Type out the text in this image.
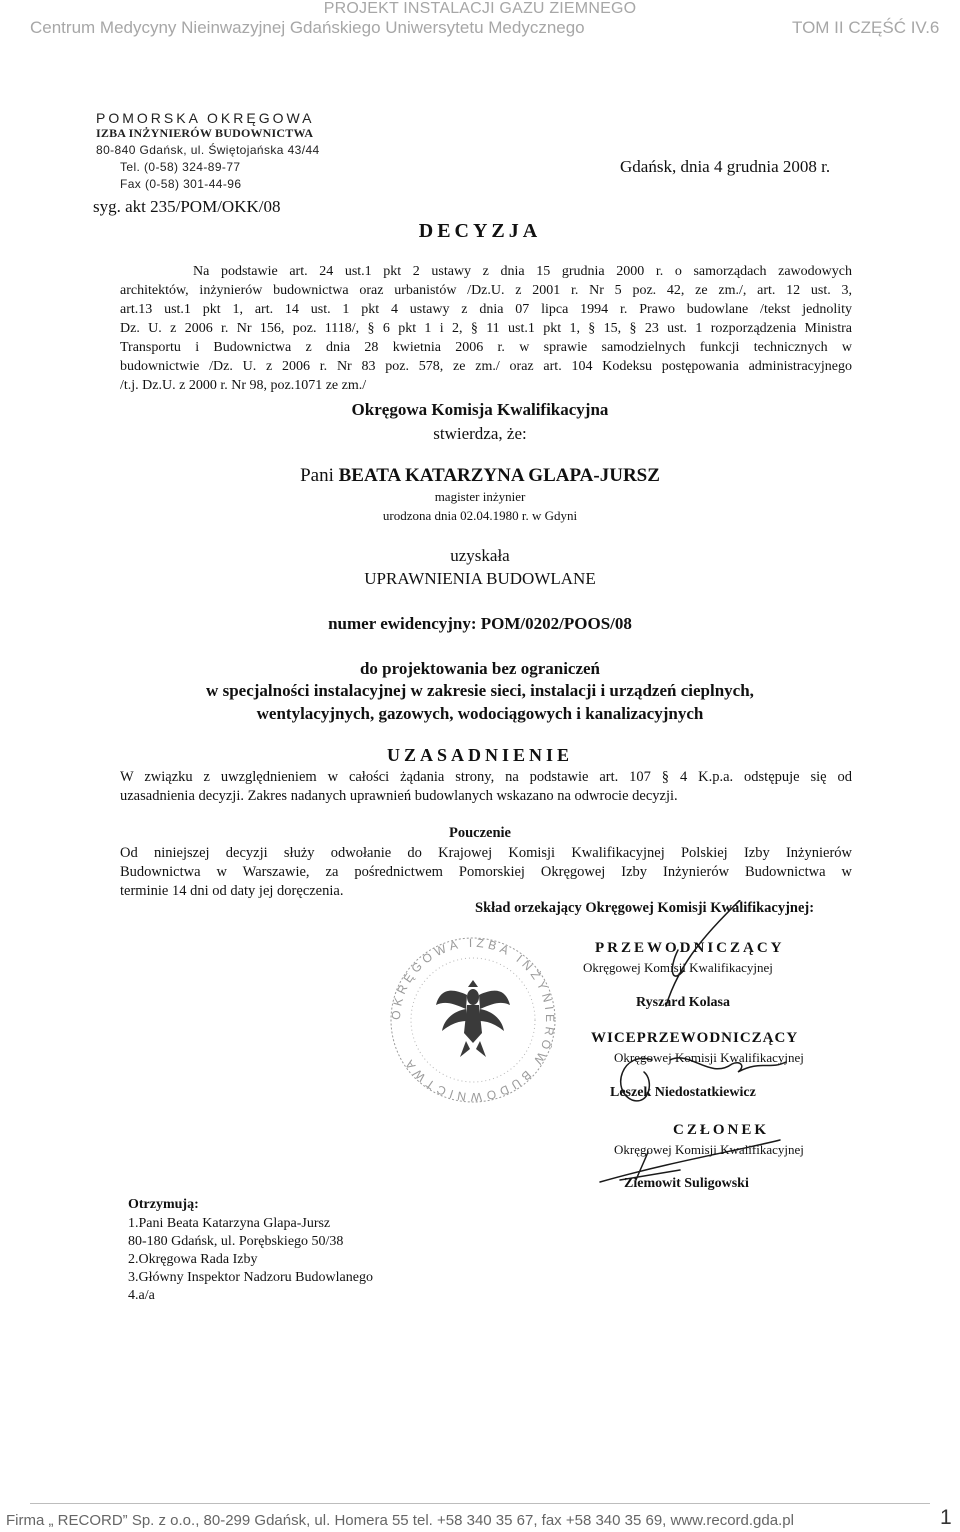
PROJEKT INSTALACJI GAZU ZIEMNEGO
Centrum Medycyny Nieinwazyjnej Gdańskiego Uniwersytetu Medycznego	TOM II CZĘŚĆ IV.6
POMORSKA OKRĘGOWA
IZBA INŻYNIERÓW BUDOWNICTWA
80-840 Gdańsk, ul. Świętojańska 43/44
Tel. (0-58) 324-89-77
Fax (0-58) 301-44-96
Gdańsk, dnia 4 grudnia 2008 r.
syg. akt 235/POM/OKK/08
DECYZJA
Na podstawie art. 24 ust.1 pkt 2 ustawy z dnia 15 grudnia 2000 r. o samorządach zawodowych
architektów, inżynierów budownictwa oraz urbanistów /Dz.U. z 2001 r. Nr 5 poz. 42, ze zm./, art. 12 ust. 3,
art.13 ust.1 pkt 1, art. 14 ust. 1 pkt 4 ustawy z dnia 07 lipca 1994 r. Prawo budowlane /tekst jednolity
Dz. U. z 2006 r. Nr 156, poz. 1118/, § 6 pkt 1 i 2, § 11 ust.1 pkt 1, § 15, § 23 ust. 1 rozporządzenia Ministra
Transportu i Budownictwa z dnia 28 kwietnia 2006 r. w sprawie samodzielnych funkcji technicznych w
budownictwie /Dz. U. z 2006 r. Nr 83 poz. 578, ze zm./ oraz art. 104 Kodeksu postępowania administracyjnego
/t.j. Dz.U. z 2000 r. Nr 98, poz.1071 ze zm./
Okręgowa Komisja Kwalifikacyjna
stwierdza, że:
Pani BEATA KATARZYNA GLAPA-JURSZ
magister inżynier
urodzona dnia 02.04.1980 r. w Gdyni
uzyskała
UPRAWNIENIA BUDOWLANE
numer ewidencyjny: POM/0202/POOS/08
do projektowania bez ograniczeń
w specjalności instalacyjnej w zakresie sieci, instalacji i urządzeń cieplnych,
wentylacyjnych, gazowych, wodociągowych i kanalizacyjnych
UZASADNIENIE
W związku z uwzględnieniem w całości żądania strony, na podstawie art. 107 § 4 K.p.a. odstępuje się od
uzasadnienia decyzji. Zakres nadanych uprawnień budowlanych wskazano na odwrocie decyzji.
Pouczenie
Od niniejszej decyzji służy odwołanie do Krajowej Komisji Kwalifikacyjnej Polskiej Izby Inżynierów
Budownictwa w Warszawie, za pośrednictwem Pomorskiej Okręgowej Izby Inżynierów Budownictwa w
terminie 14 dni od daty jej doręczenia.
Skład orzekający Okręgowej Komisji Kwalifikacyjnej:
OKRĘGOWA IZBA INŻYNIERÓW BUDOWNICTWA
PRZEWODNICZĄCY
Okręgowej Komisji Kwalifikacyjnej
Ryszard Kolasa
WICEPRZEWODNICZĄCY
Okręgowej Komisji Kwalifikacyjnej
Leszek Niedostatkiewicz
CZŁONEK
Okręgowej Komisji Kwalifikacyjnej
Ziemowit Suligowski
Otrzymują:
1.Pani Beata Katarzyna Glapa-Jursz
80-180 Gdańsk, ul. Porębskiego 50/38
2.Okręgowa Rada Izby
3.Główny Inspektor Nadzoru Budowlanego
4.a/a
Firma „ RECORD” Sp. z o.o., 80-299 Gdańsk, ul. Homera 55 tel. +58 340 35 67, fax +58 340 35 69, www.record.gda.pl	1
